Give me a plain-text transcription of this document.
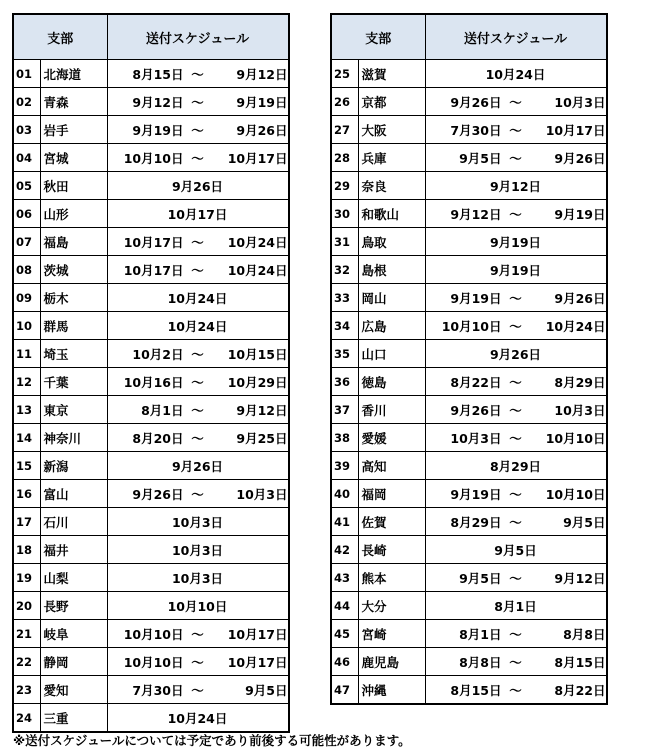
支部		送付スケジュール
01	北海道	8月15日 ～ 9月12日
02	青森	9月12日 ～ 9月19日
03	岩手	9月19日 ～ 9月26日
04	宮城	10月10日 ～ 10月17日
05	秋田	9月26日
06	山形	10月17日
07	福島	10月17日 ～ 10月24日
08	茨城	10月17日 ～ 10月24日
09	栃木	10月24日
10	群馬	10月24日
11	埼玉	10月2日 ～ 10月15日
12	千葉	10月16日 ～ 10月29日
13	東京	8月1日 ～ 9月12日
14	神奈川	8月20日 ～ 9月25日
15	新潟	9月26日
16	富山	9月26日 ～ 10月3日
17	石川	10月3日
18	福井	10月3日
19	山梨	10月3日
20	長野	10月10日
21	岐阜	10月10日 ～ 10月17日
22	静岡	10月10日 ～ 10月17日
23	愛知	7月30日 ～ 9月5日
24	三重	10月24日
支部		送付スケジュール
25	滋賀	10月24日
26	京都	9月26日 ～ 10月3日
27	大阪	7月30日 ～ 10月17日
28	兵庫	9月5日 ～ 9月26日
29	奈良	9月12日
30	和歌山	9月12日 ～ 9月19日
31	鳥取	9月19日
32	島根	9月19日
33	岡山	9月19日 ～ 9月26日
34	広島	10月10日 ～ 10月24日
35	山口	9月26日
36	徳島	8月22日 ～ 8月29日
37	香川	9月26日 ～ 10月3日
38	愛媛	10月3日 ～ 10月10日
39	高知	8月29日
40	福岡	9月19日 ～ 10月10日
41	佐賀	8月29日 ～ 9月5日
42	長崎	9月5日
43	熊本	9月5日 ～ 9月12日
44	大分	8月1日
45	宮崎	8月1日 ～ 8月8日
46	鹿児島	8月8日 ～ 8月15日
47	沖縄	8月15日 ～ 8月22日
※送付スケジュールについては予定であり前後する可能性があります。
